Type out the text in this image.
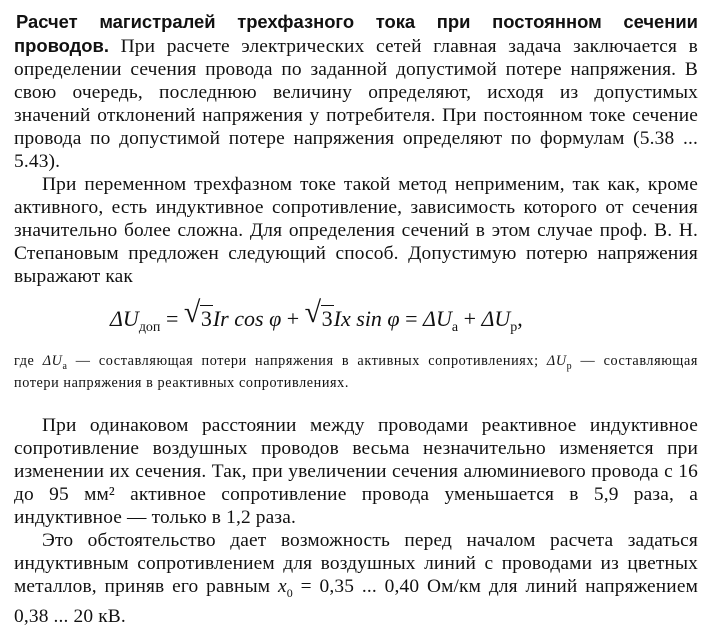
Расчет магистралей трехфазного тока при постоянном сечении проводов. При расчете электрических сетей главная задача заключается в определении сечения провода по заданной допустимой потере напряжения. В свою очередь, последнюю величину определяют, исходя из допустимых значений отклонений напряжения у потребителя. При постоянном токе сечение провода по допустимой потере напряжения определяют по формулам (5.38 ... 5.43).

При переменном трехфазном токе такой метод неприменим, так как, кроме активного, есть индуктивное сопротивление, зависимость которого от сечения значительно более сложна. Для определения сечений в этом случае проф. В. Н. Степановым предложен следующий способ. Допустимую потерю напряжения выражают как

$\Delta U_{доп}$ = √ 3Ir cos φ + √ 3Ix $\sin \varphi = \Delta U_а + \Delta U_р$,

где $\Delta U_а$ — составляющая потери напряжения в активных сопротивлениях; $\Delta U_р$ — составляющая потери напряжения в реактивных сопротивлениях.

При одинаковом расстоянии между проводами реактивное индуктивное сопротивление воздушных проводов весьма незначительно изменяется при изменении их сечения. Так, при увеличении сечения алюминиевого провода с 16 до 95 мм² активное сопротивление провода уменьшается в 5,9 раза, а индуктивное — только в 1,2 раза.

Это обстоятельство дает возможность перед началом расчета задаться индуктивным сопротивлением для воздушных линий с проводами из цветных металлов, приняв его равным $x_0 = 0,35$ ... 0,40 Ом/км для линий напряжением 0,38 ... 20 кВ.
